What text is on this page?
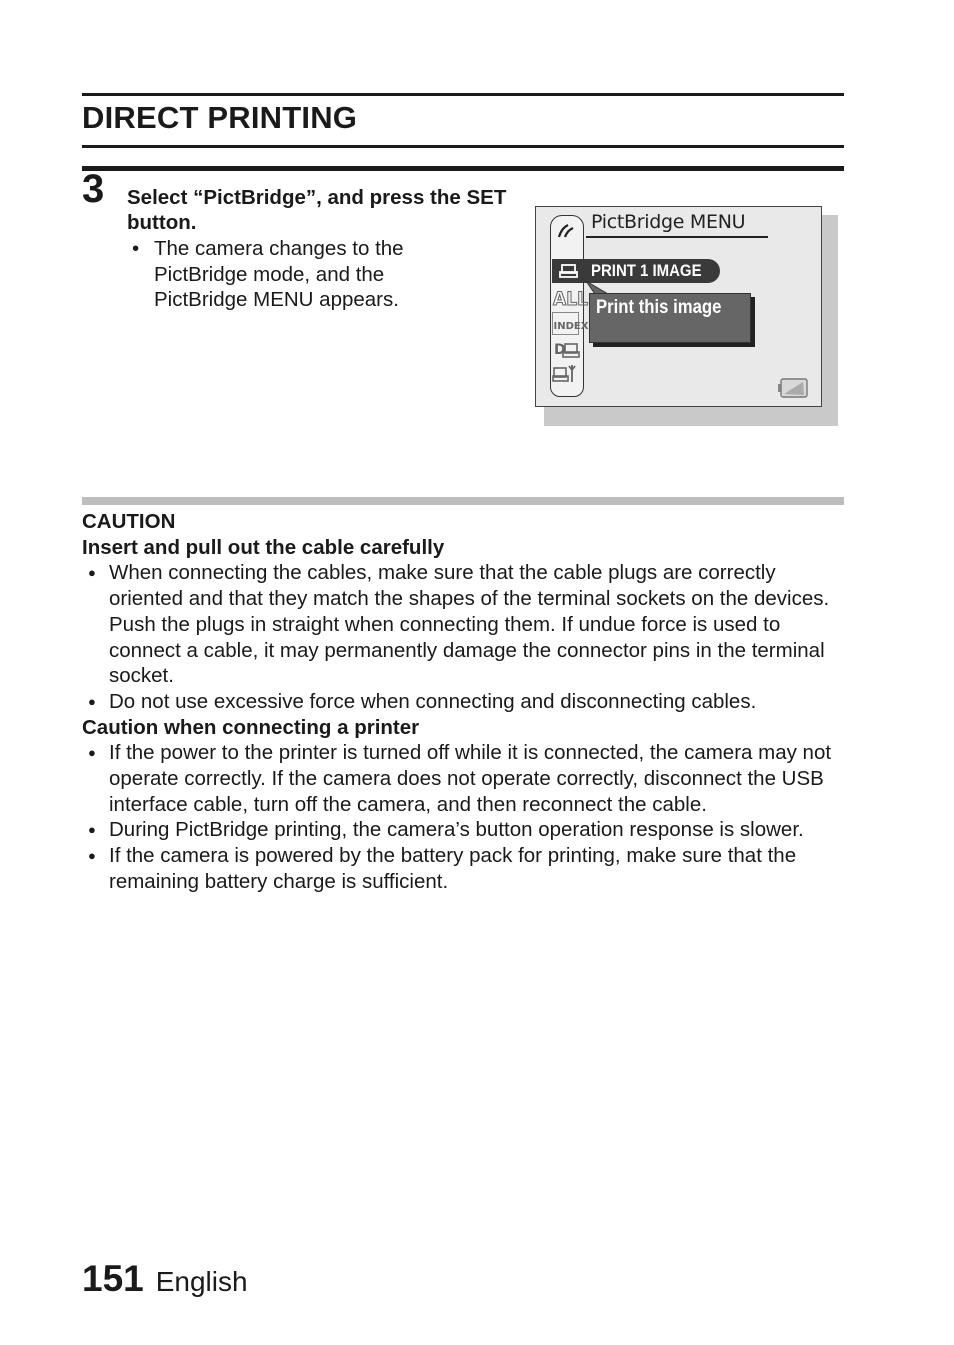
DIRECT PRINTING
3 Select “PictBridge”, and press the SET button.
• The camera changes to the PictBridge mode, and the PictBridge MENU appears.
PictBridge MENU
ALL
INDEX
D
PRINT 1 IMAGE
Print this image
CAUTION
Insert and pull out the cable carefully
● When connecting the cables, make sure that the cable plugs are correctly oriented and that they match the shapes of the terminal sockets on the devices. Push the plugs in straight when connecting them. If undue force is used to connect a cable, it may permanently damage the connector pins in the terminal socket.
● Do not use excessive force when connecting and disconnecting cables.
Caution when connecting a printer
● If the power to the printer is turned off while it is connected, the camera may not operate correctly. If the camera does not operate correctly, disconnect the USB interface cable, turn off the camera, and then reconnect the cable.
● During PictBridge printing, the camera’s button operation response is slower.
● If the camera is powered by the battery pack for printing, make sure that the remaining battery charge is sufficient.
151 English
